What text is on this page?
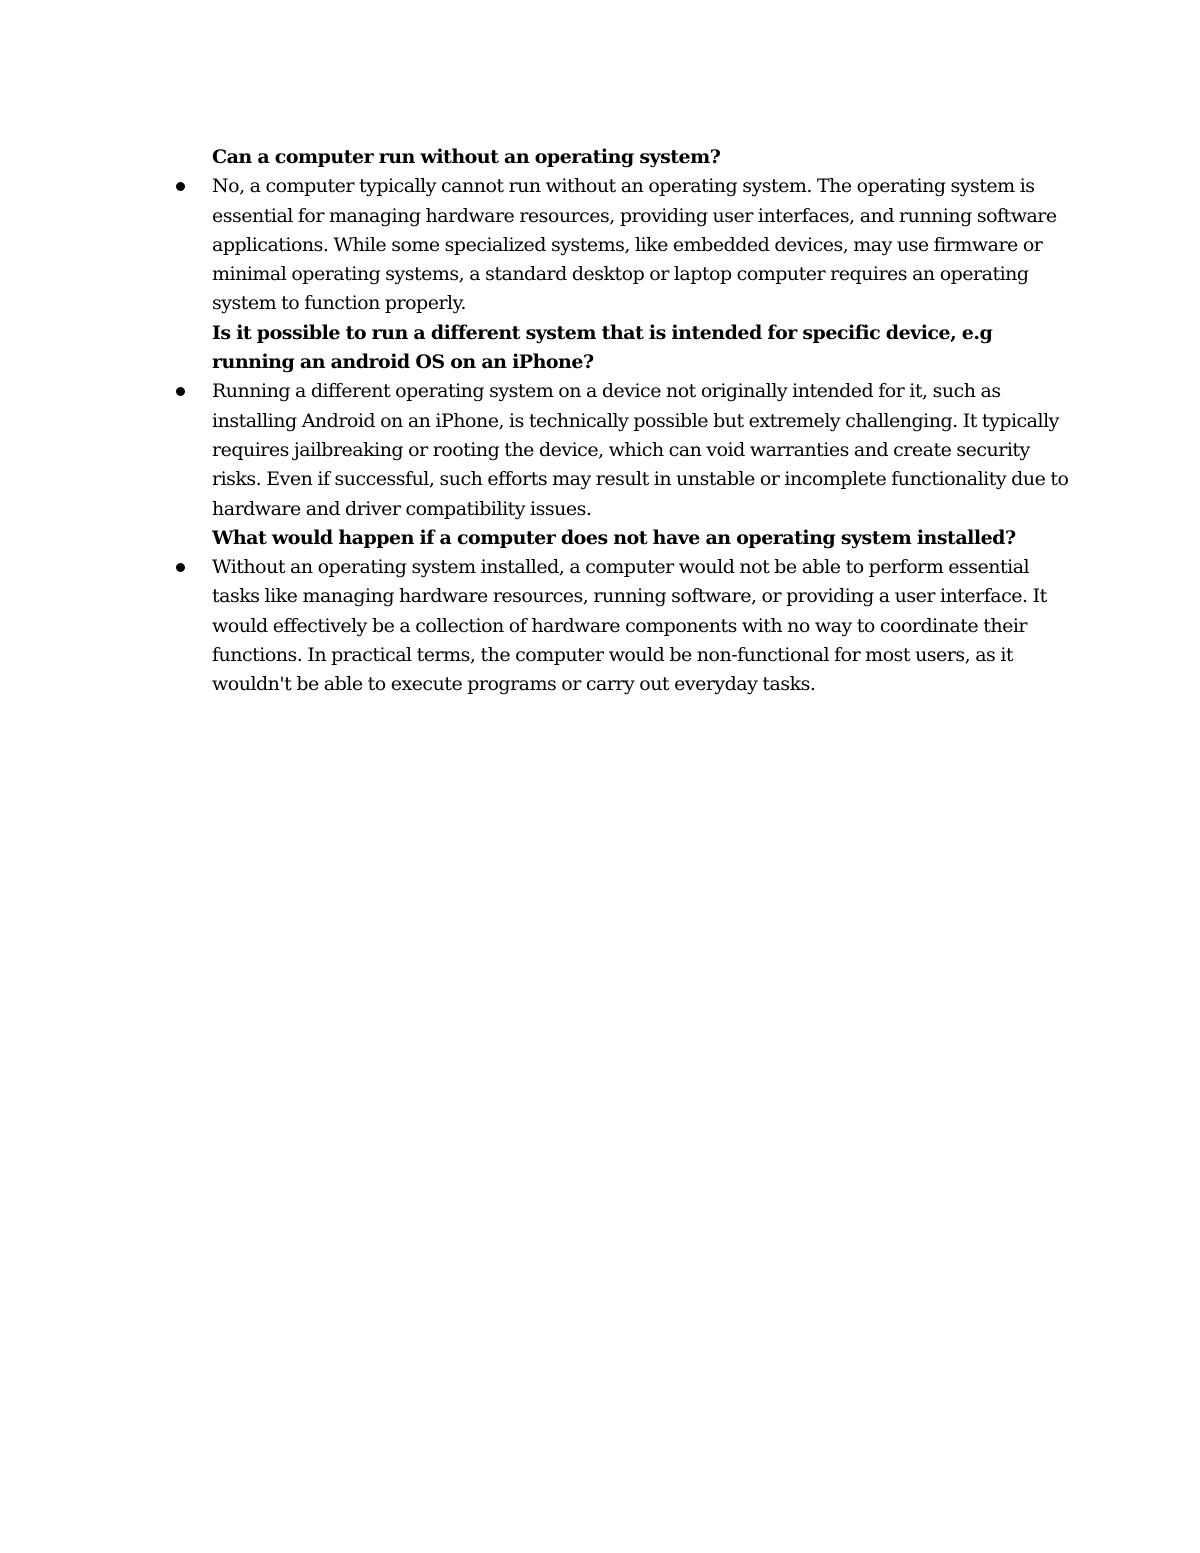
Can a computer run without an operating system?

No, a computer typically cannot run without an operating system. The operating system is essential for managing hardware resources, providing user interfaces, and running software applications. While some specialized systems, like embedded devices, may use firmware or minimal operating systems, a standard desktop or laptop computer requires an operating system to function properly.

Is it possible to run a different system that is intended for specific device, e.g running an android OS on an iPhone?

Running a different operating system on a device not originally intended for it, such as installing Android on an iPhone, is technically possible but extremely challenging. It typically requires jailbreaking or rooting the device, which can void warranties and create security risks. Even if successful, such efforts may result in unstable or incomplete functionality due to hardware and driver compatibility issues.

What would happen if a computer does not have an operating system installed?

Without an operating system installed, a computer would not be able to perform essential tasks like managing hardware resources, running software, or providing a user interface. It would effectively be a collection of hardware components with no way to coordinate their functions. In practical terms, the computer would be non-functional for most users, as it wouldn't be able to execute programs or carry out everyday tasks.
